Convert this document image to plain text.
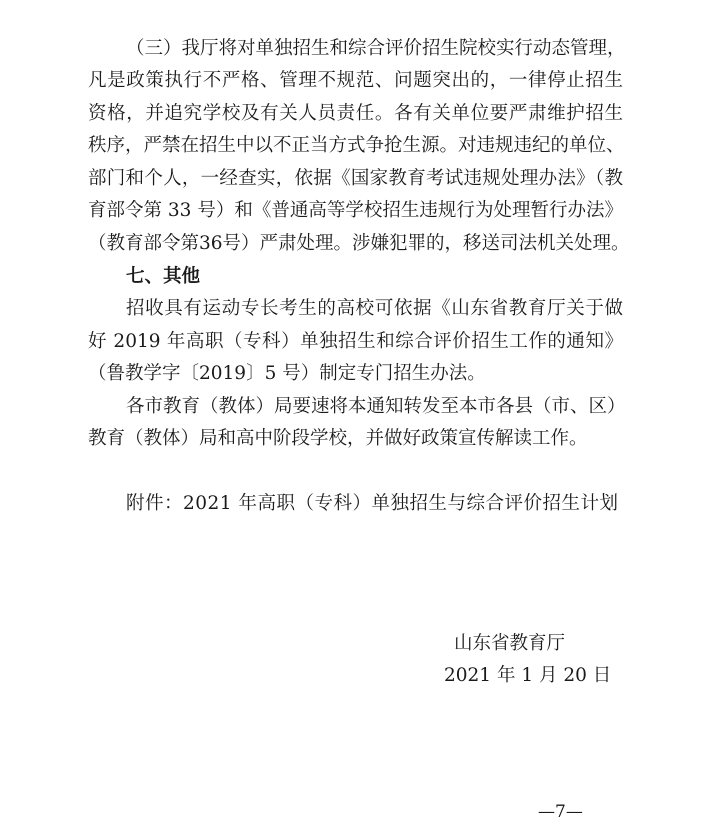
（三）我厅将对单独招生和综合评价招生院校实行动态管理，
凡是政策执行不严格、管理不规范、问题突出的，一律停止招生
资格，并追究学校及有关人员责任。各有关单位要严肃维护招生
秩序，严禁在招生中以不正当方式争抢生源。对违规违纪的单位、
部门和个人，一经查实，依据《国家教育考试违规处理办法》（教
育部令第 33 号）和《普通高等学校招生违规行为处理暂行办法》
（教育部令第36号）严肃处理。涉嫌犯罪的，移送司法机关处理。
七、其他
招收具有运动专长考生的高校可依据《山东省教育厅关于做
好 2019 年高职（专科）单独招生和综合评价招生工作的通知》
（鲁教学字〔2019〕5 号）制定专门招生办法。
各市教育（教体）局要速将本通知转发至本市各县（市、区）
教育（教体）局和高中阶段学校，并做好政策宣传解读工作。
附件：2021 年高职（专科）单独招生与综合评价招生计划
山东省教育厅
2021 年 1 月 20 日
—7—
